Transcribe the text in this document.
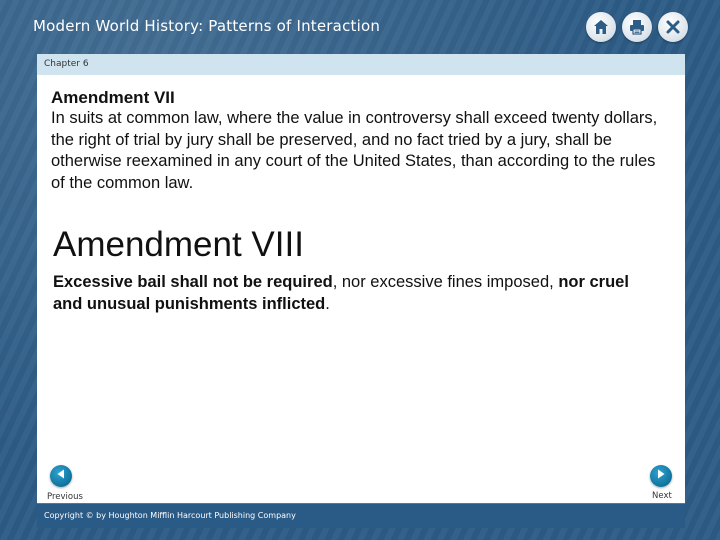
Modern World History: Patterns of Interaction
Chapter 6
Amendment VII
In suits at common law, where the value in controversy shall exceed twenty dollars, the right of trial by jury shall be preserved, and no fact tried by a jury, shall be otherwise reexamined in any court of the United States, than according to the rules of the common law.
Amendment VIII
Excessive bail shall not be required, nor excessive fines imposed, nor cruel and unusual punishments inflicted.
Previous	Next
Copyright © by Houghton Mifflin Harcourt Publishing Company
